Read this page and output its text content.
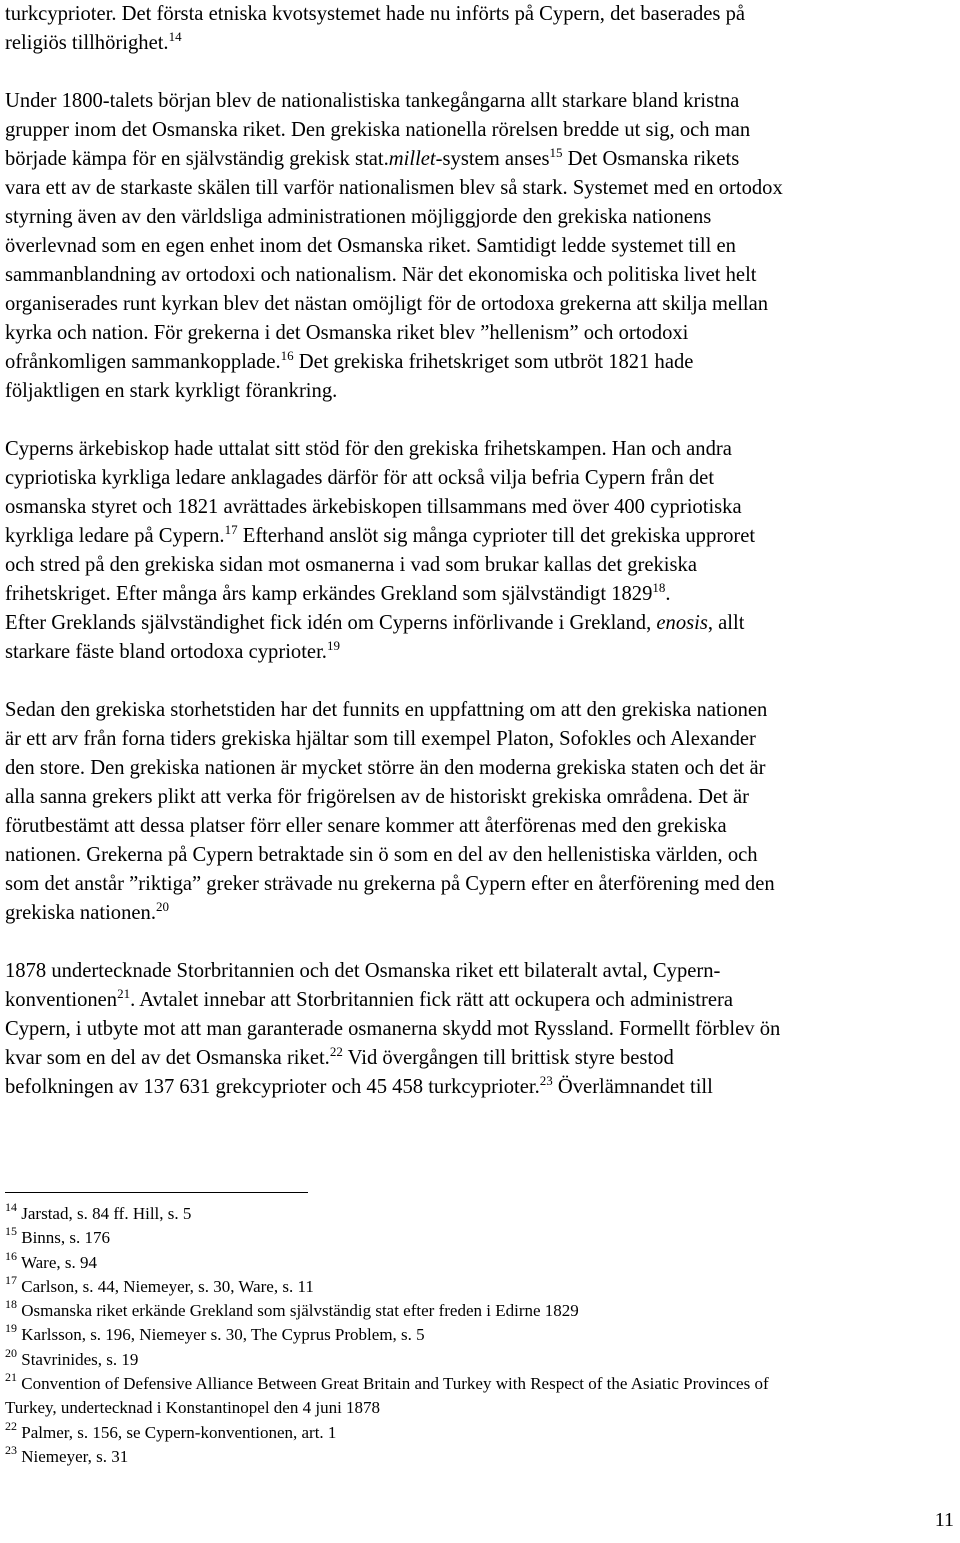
turkcyprioter. Det första etniska kvotsystemet hade nu införts på Cypern, det baserades på
religiös tillhörighet.$^{14}$
Under 1800-talets början blev de nationalistiska tankegångarna allt starkare bland kristna
grupper inom det Osmanska riket. Den grekiska nationella rörelsen bredde ut sig, och man
började kämpa för en självständig grekisk stat.millet-system anses$^{15}$ Det Osmanska rikets
vara ett av de starkaste skälen till varför nationalismen blev så stark. Systemet med en ortodox
styrning även av den världsliga administrationen möjliggjorde den grekiska nationens
överlevnad som en egen enhet inom det Osmanska riket. Samtidigt ledde systemet till en
sammanblandning av ortodoxi och nationalism. När det ekonomiska och politiska livet helt
organiserades runt kyrkan blev det nästan omöjligt för de ortodoxa grekerna att skilja mellan
kyrka och nation. För grekerna i det Osmanska riket blev ”hellenism” och ortodoxi
ofrånkomligen sammankopplade.$^{16}$ Det grekiska frihetskriget som utbröt 1821 hade
följaktligen en stark kyrkligt förankring.
Cyperns ärkebiskop hade uttalat sitt stöd för den grekiska frihetskampen. Han och andra
cypriotiska kyrkliga ledare anklagades därför för att också vilja befria Cypern från det
osmanska styret och 1821 avrättades ärkebiskopen tillsammans med över 400 cypriotiska
kyrkliga ledare på Cypern.$^{17}$ Efterhand anslöt sig många cyprioter till det grekiska upproret
och stred på den grekiska sidan mot osmanerna i vad som brukar kallas det grekiska
frihetskriget. Efter många års kamp erkändes Grekland som självständigt 1829$^{18}$.
Efter Greklands självständighet fick idén om Cyperns införlivande i Grekland, enosis, allt
starkare fäste bland ortodoxa cyprioter.$^{19}$
Sedan den grekiska storhetstiden har det funnits en uppfattning om att den grekiska nationen
är ett arv från forna tiders grekiska hjältar som till exempel Platon, Sofokles och Alexander
den store. Den grekiska nationen är mycket större än den moderna grekiska staten och det är
alla sanna grekers plikt att verka för frigörelsen av de historiskt grekiska områdena. Det är
förutbestämt att dessa platser förr eller senare kommer att återförenas med den grekiska
nationen. Grekerna på Cypern betraktade sin ö som en del av den hellenistiska världen, och
som det anstår ”riktiga” greker strävade nu grekerna på Cypern efter en återförening med den
grekiska nationen.$^{20}$
1878 undertecknade Storbritannien och det Osmanska riket ett bilateralt avtal, Cypern-
konventionen$^{21}$. Avtalet innebar att Storbritannien fick rätt att ockupera och administrera
Cypern, i utbyte mot att man garanterade osmanerna skydd mot Ryssland. Formellt förblev ön
kvar som en del av det Osmanska riket.$^{22}$ Vid övergången till brittisk styre bestod
befolkningen av 137 631 grekcyprioter och 45 458 turkcyprioter.$^{23}$ Överlämnandet till
$^{14}$ Jarstad, s. 84 ff. Hill, s. 5
$^{15}$ Binns, s. 176
$^{16}$ Ware, s. 94
$^{17}$ Carlson, s. 44, Niemeyer, s. 30, Ware, s. 11
$^{18}$ Osmanska riket erkände Grekland som självständig stat efter freden i Edirne 1829
$^{19}$ Karlsson, s. 196, Niemeyer s. 30, The Cyprus Problem, s. 5
$^{20}$ Stavrinides, s. 19
$^{21}$ Convention of Defensive Alliance Between Great Britain and Turkey with Respect of the Asiatic Provinces of
Turkey, undertecknad i Konstantinopel den 4 juni 1878
$^{22}$ Palmer, s. 156, se Cypern-konventionen, art. 1
$^{23}$ Niemeyer, s. 31
11
